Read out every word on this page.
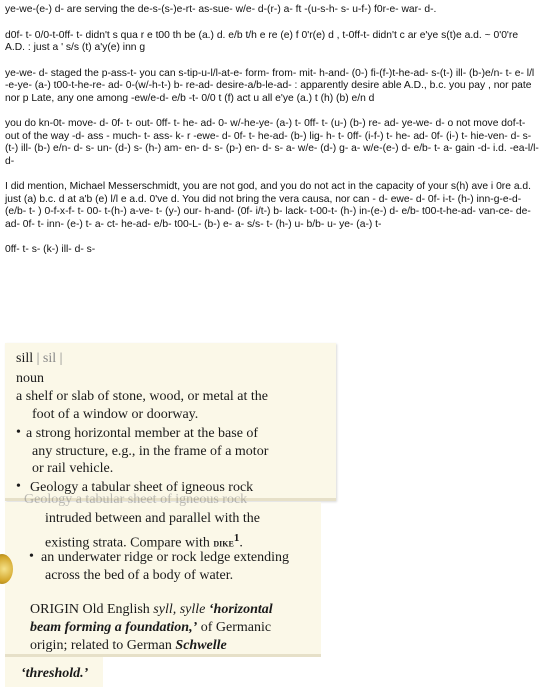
ye-we-(e-) d- are serving the de-s-(s-)e-rt- as-sue- w/e- d-(r-) a- ft -(u-s-h- s- u-f-) f0r-e- war- d-.

d0f- t- 0/0-t-0ff- t- didn't s qua r e t00 th be (a.) d. e/b t/h e re (e) f 0'r(e) d , t-0ff-t- didn't c ar e'ye s(t)e a.d. ~ 0'0're A.D. : just a ' s/s (t) a'y(e) inn g

ye-we- d- staged the p-ass-t- you can s-tip-u-l/l-at-e- form- from- mit- h-and- (0-) fi-(f-)t-he-ad- s-(t-) ill- (b-)e/n- t- e- l/l -e-ye- (a-) t00-t-he-re- ad- 0-(w/-h-t-) b- re-ad- desire-a/b-le-ad- : apparently desire able A.D., b.c. you pay , nor pate nor p Late, any one among -ew/e-d- e/b -t- 0/0 t (f) act u all e'ye (a.) t (h) (b) e/n d

you do kn-0t- move- d- 0f- t- out- 0ff- t- he- ad- 0- w/-he-ye- (a-) t- 0ff- t- (u-) (b-) re- ad- ye-we- d- o not move dof-t- out of the way -d- ass - much- t- ass- k- r -ewe- d- 0f- t- he-ad- (b-) lig- h- t- 0ff- (i-f-) t- he- ad- 0f- (i-) t- hie-ven- d- s- (t-) ill- (b-) e/n- d- s- un- (d-) s- (h-) am- en- d- s- (p-) en- d- s- a- w/e- (d-) g- a- w/e-(e-) d- e/b- t- a- gain -d- i.d. -ea-l/l- d-

I did mention, Michael Messerschmidt, you are not god, and you do not act in the capacity of your s(h) ave i 0re a.d. just (a) b.c. d at a'b (e) l/l e a.d. 0've d. You did not bring the vera causa, nor can - d- ewe- d- 0f- i-t- (h-) inn-g-e-d- (e/b- t- ) 0-f-x-f- t- 00- t-(h-) a-ve- t- (y-) our- h-and- (0f- i/t-) b- lack- t-00-t- (h-) in-(e-) d- e/b- t00-t-he-ad- van-ce- de- ad- 0f- t- inn- (e-) t- a- ct- he-ad- e/b- t00-L- (b-) e- a- s/s- t- (h-) u- b/b- u- ye- (a-) t-

0ff- t- s- (k-) ill- d- s-

sill | sil |
noun
a shelf or slab of stone, wood, or metal at the
foot of a window or doorway.
• a strong horizontal member at the base of
any structure, e.g., in the frame of a motor
or rail vehicle.
• Geology a tabular sheet of igneous rock
Geology a tabular sheet of igneous rock
intruded between and parallel with the
existing strata. Compare with dike$^1$.
• an underwater ridge or rock ledge extending
across the bed of a body of water.
ORIGIN Old English syll, sylle ‘horizontal
beam forming a foundation,’ of Germanic
origin; related to German Schwelle
‘threshold.’
